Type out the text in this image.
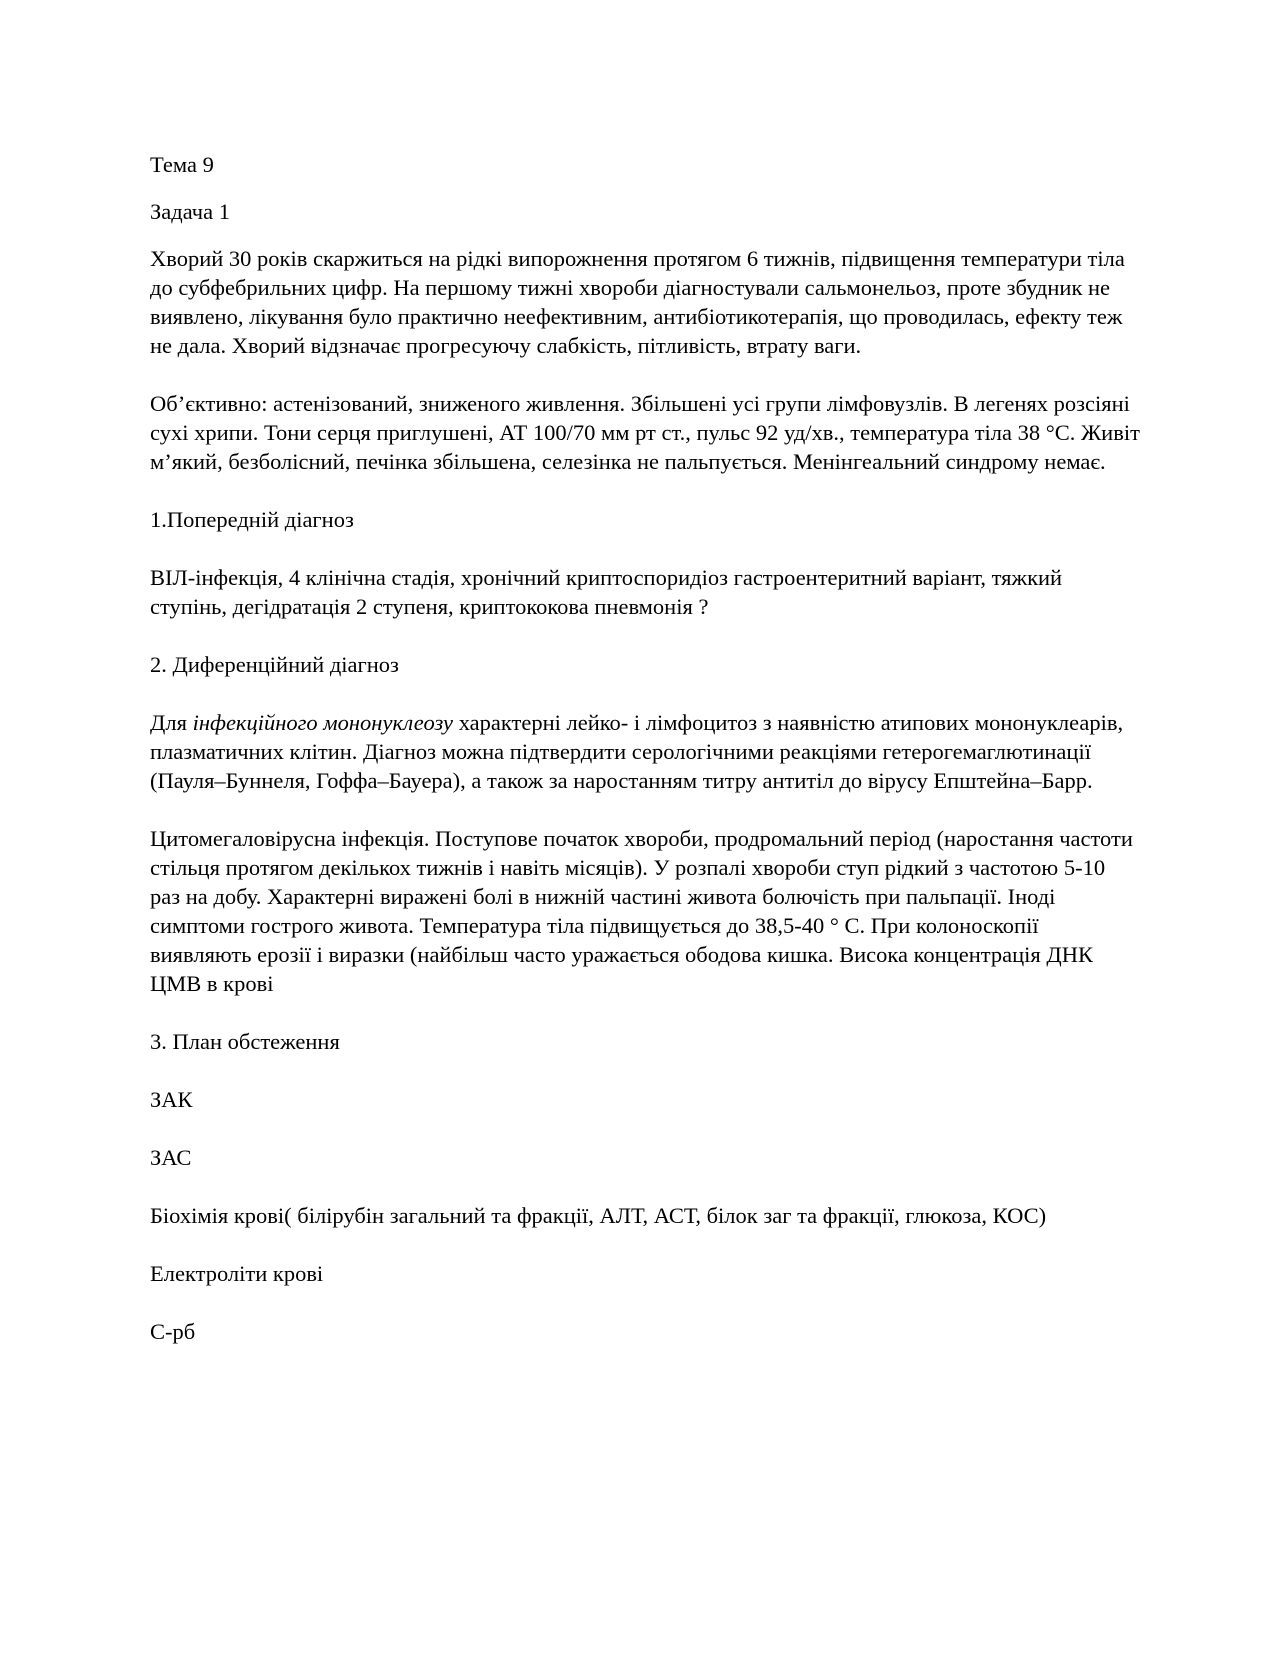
Тема 9

Задача 1

Хворий 30 років скаржиться на рідкі випорожнення протягом 6 тижнів, підвищення температури тіла до субфебрильних цифр. На першому тижні хвороби діагностували сальмонельоз, проте збудник не виявлено, лікування було практично неефективним, антибіотикотерапія, що проводилась, ефекту теж не дала. Хворий відзначає прогресуючу слабкість, пітливість, втрату ваги.

Об’єктивно: астенізований, зниженого живлення. Збільшені усі групи лімфовузлів. В легенях розсіяні сухі хрипи. Тони серця приглушені, АТ 100/70 мм рт ст., пульс 92 уд/хв., температура тіла 38 °С. Живіт м’який, безболісний, печінка збільшена, селезінка не пальпується. Менінгеальний синдрому немає.

1.Попередній діагноз

ВІЛ-інфекція, 4 клінічна стадія, хронічний криптоспоридіоз гастроентеритний варіант, тяжкий ступінь, дегідратація 2 ступеня, криптококова пневмонія ?

2. Диференційний діагноз

Для інфекційного мононуклеозу характерні лейко- і лімфоцитоз з наявністю атипових мононуклеарів, плазматичних клітин. Діагноз можна підтвердити серологічними реакціями гетерогемаглютинації (Пауля–Буннеля, Гоффа–Бауера), а також за наростанням титру антитіл до вірусу Епштейна–Барр.

Цитомегаловірусна інфекція. Поступове початок хвороби, продромальний період (наростання частоти стільця протягом декількох тижнів і навіть місяців). У розпалі хвороби ступ рідкий з частотою 5-10 раз на добу. Характерні виражені болі в нижній частині живота болючість при пальпації. Іноді симптоми гострого живота. Температура тіла підвищується до 38,5-40 ° С. При колоноскопії виявляють ерозії і виразки (найбільш часто уражається ободова кишка. Висока концентрація ДНК ЦМВ в крові

3. План обстеження

ЗАК

ЗАС

Біохімія крові( білірубін загальний та фракції, АЛТ, АСТ, білок заг та фракції, глюкоза, КОС)

Електроліти крові

С-рб
